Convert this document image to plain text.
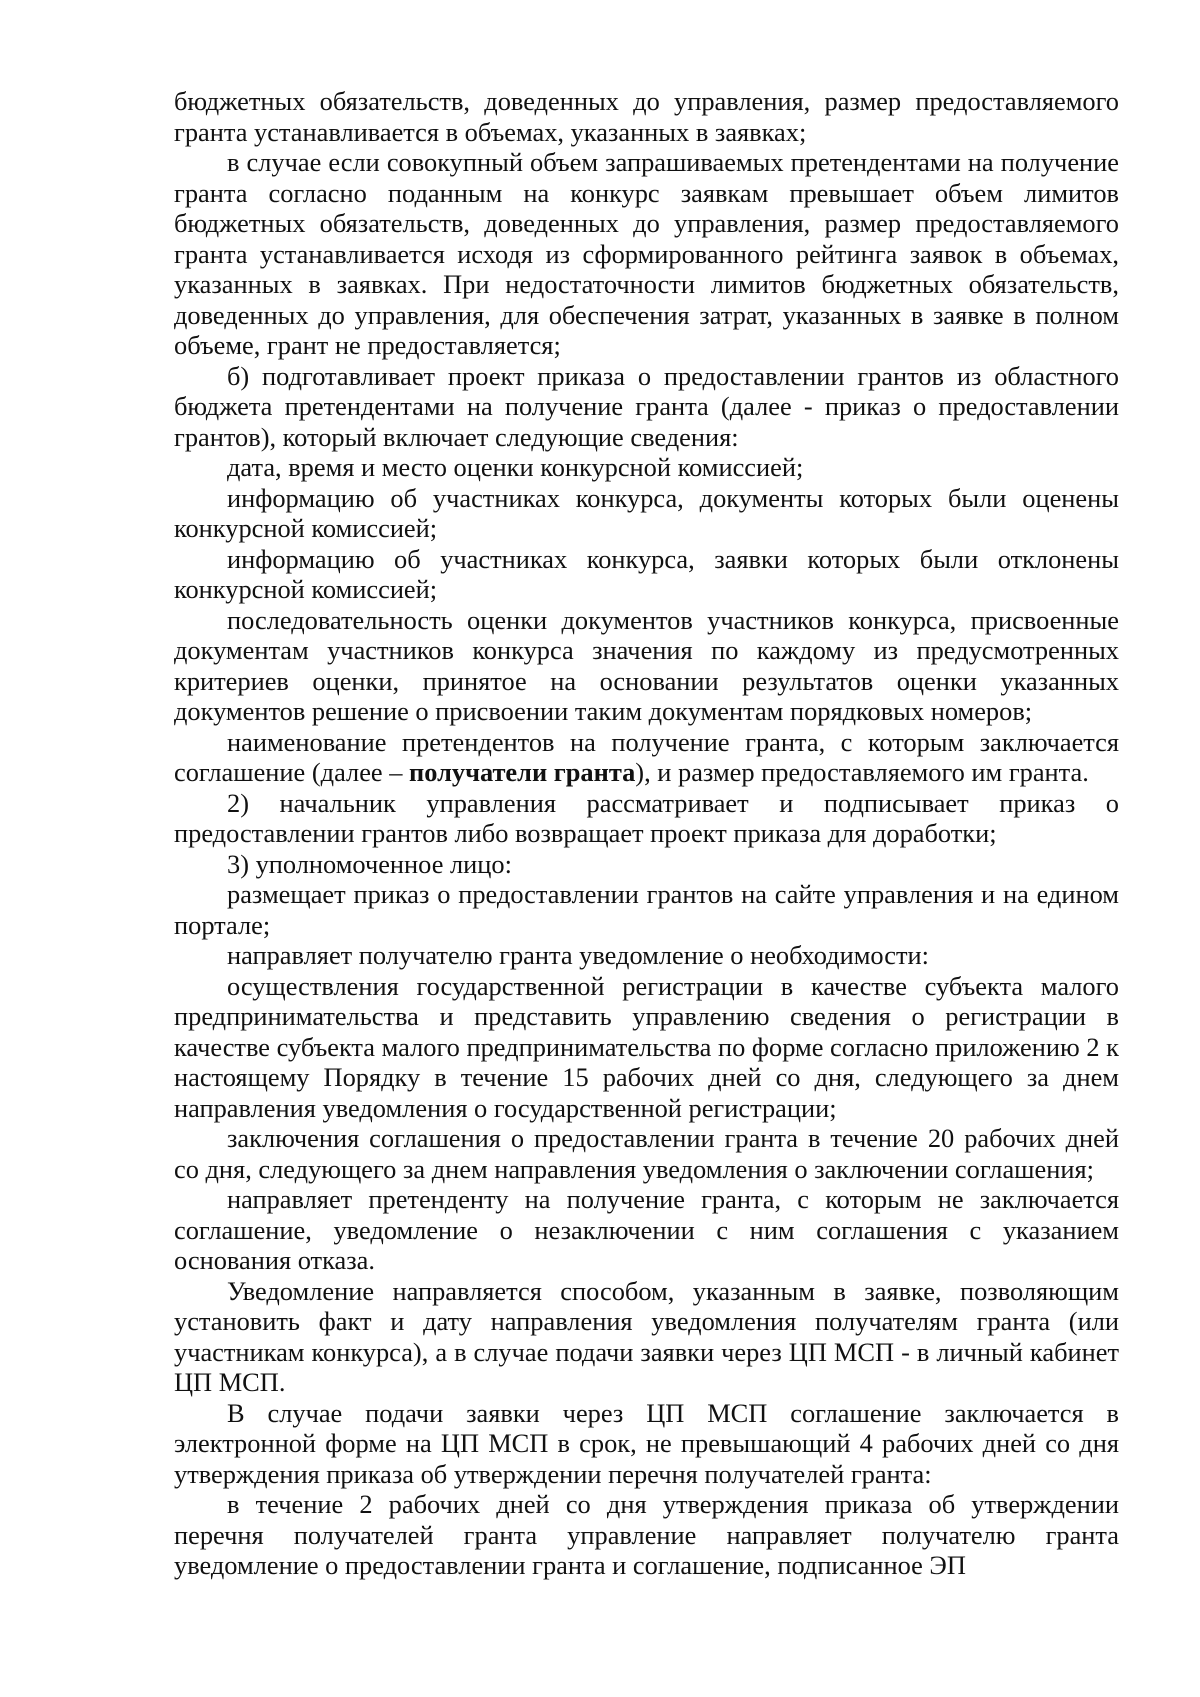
бюджетных обязательств, доведенных до управления, размер предоставляемого гранта устанавливается в объемах, указанных в заявках;

в случае если совокупный объем запрашиваемых претендентами на получение гранта согласно поданным на конкурс заявкам превышает объем лимитов бюджетных обязательств, доведенных до управления, размер предоставляемого гранта устанавливается исходя из сформированного рейтинга заявок в объемах, указанных в заявках. При недостаточности лимитов бюджетных обязательств, доведенных до управления, для обеспечения затрат, указанных в заявке в полном объеме, грант не предоставляется;

б) подготавливает проект приказа о предоставлении грантов из областного бюджета претендентами на получение гранта (далее - приказ о предоставлении грантов), который включает следующие сведения:

дата, время и место оценки конкурсной комиссией;

информацию об участниках конкурса, документы которых были оценены конкурсной комиссией;

информацию об участниках конкурса, заявки которых были отклонены конкурсной комиссией;

последовательность оценки документов участников конкурса, присвоенные документам участников конкурса значения по каждому из предусмотренных критериев оценки, принятое на основании результатов оценки указанных документов решение о присвоении таким документам порядковых номеров;

наименование претендентов на получение гранта, с которым заключается соглашение (далее – получатели гранта), и размер предоставляемого им гранта.

2) начальник управления рассматривает и подписывает приказ о предоставлении грантов либо возвращает проект приказа для доработки;

3) уполномоченное лицо:

размещает приказ о предоставлении грантов на сайте управления и на едином портале;

направляет получателю гранта уведомление о необходимости:

осуществления государственной регистрации в качестве субъекта малого предпринимательства и представить управлению сведения о регистрации в качестве субъекта малого предпринимательства по форме согласно приложению 2 к настоящему Порядку в течение 15 рабочих дней со дня, следующего за днем направления уведомления о государственной регистрации;

заключения соглашения о предоставлении гранта в течение 20 рабочих дней со дня, следующего за днем направления уведомления о заключении соглашения;

направляет претенденту на получение гранта, с которым не заключается соглашение, уведомление о незаключении с ним соглашения с указанием основания отказа.

Уведомление направляется способом, указанным в заявке, позволяющим установить факт и дату направления уведомления получателям гранта (или участникам конкурса), а в случае подачи заявки через ЦП МСП - в личный кабинет ЦП МСП.

В случае подачи заявки через ЦП МСП соглашение заключается в электронной форме на ЦП МСП в срок, не превышающий 4 рабочих дней со дня утверждения приказа об утверждении перечня получателей гранта:

в течение 2 рабочих дней со дня утверждения приказа об утверждении перечня получателей гранта управление направляет получателю гранта уведомление о предоставлении гранта и соглашение, подписанное ЭП
